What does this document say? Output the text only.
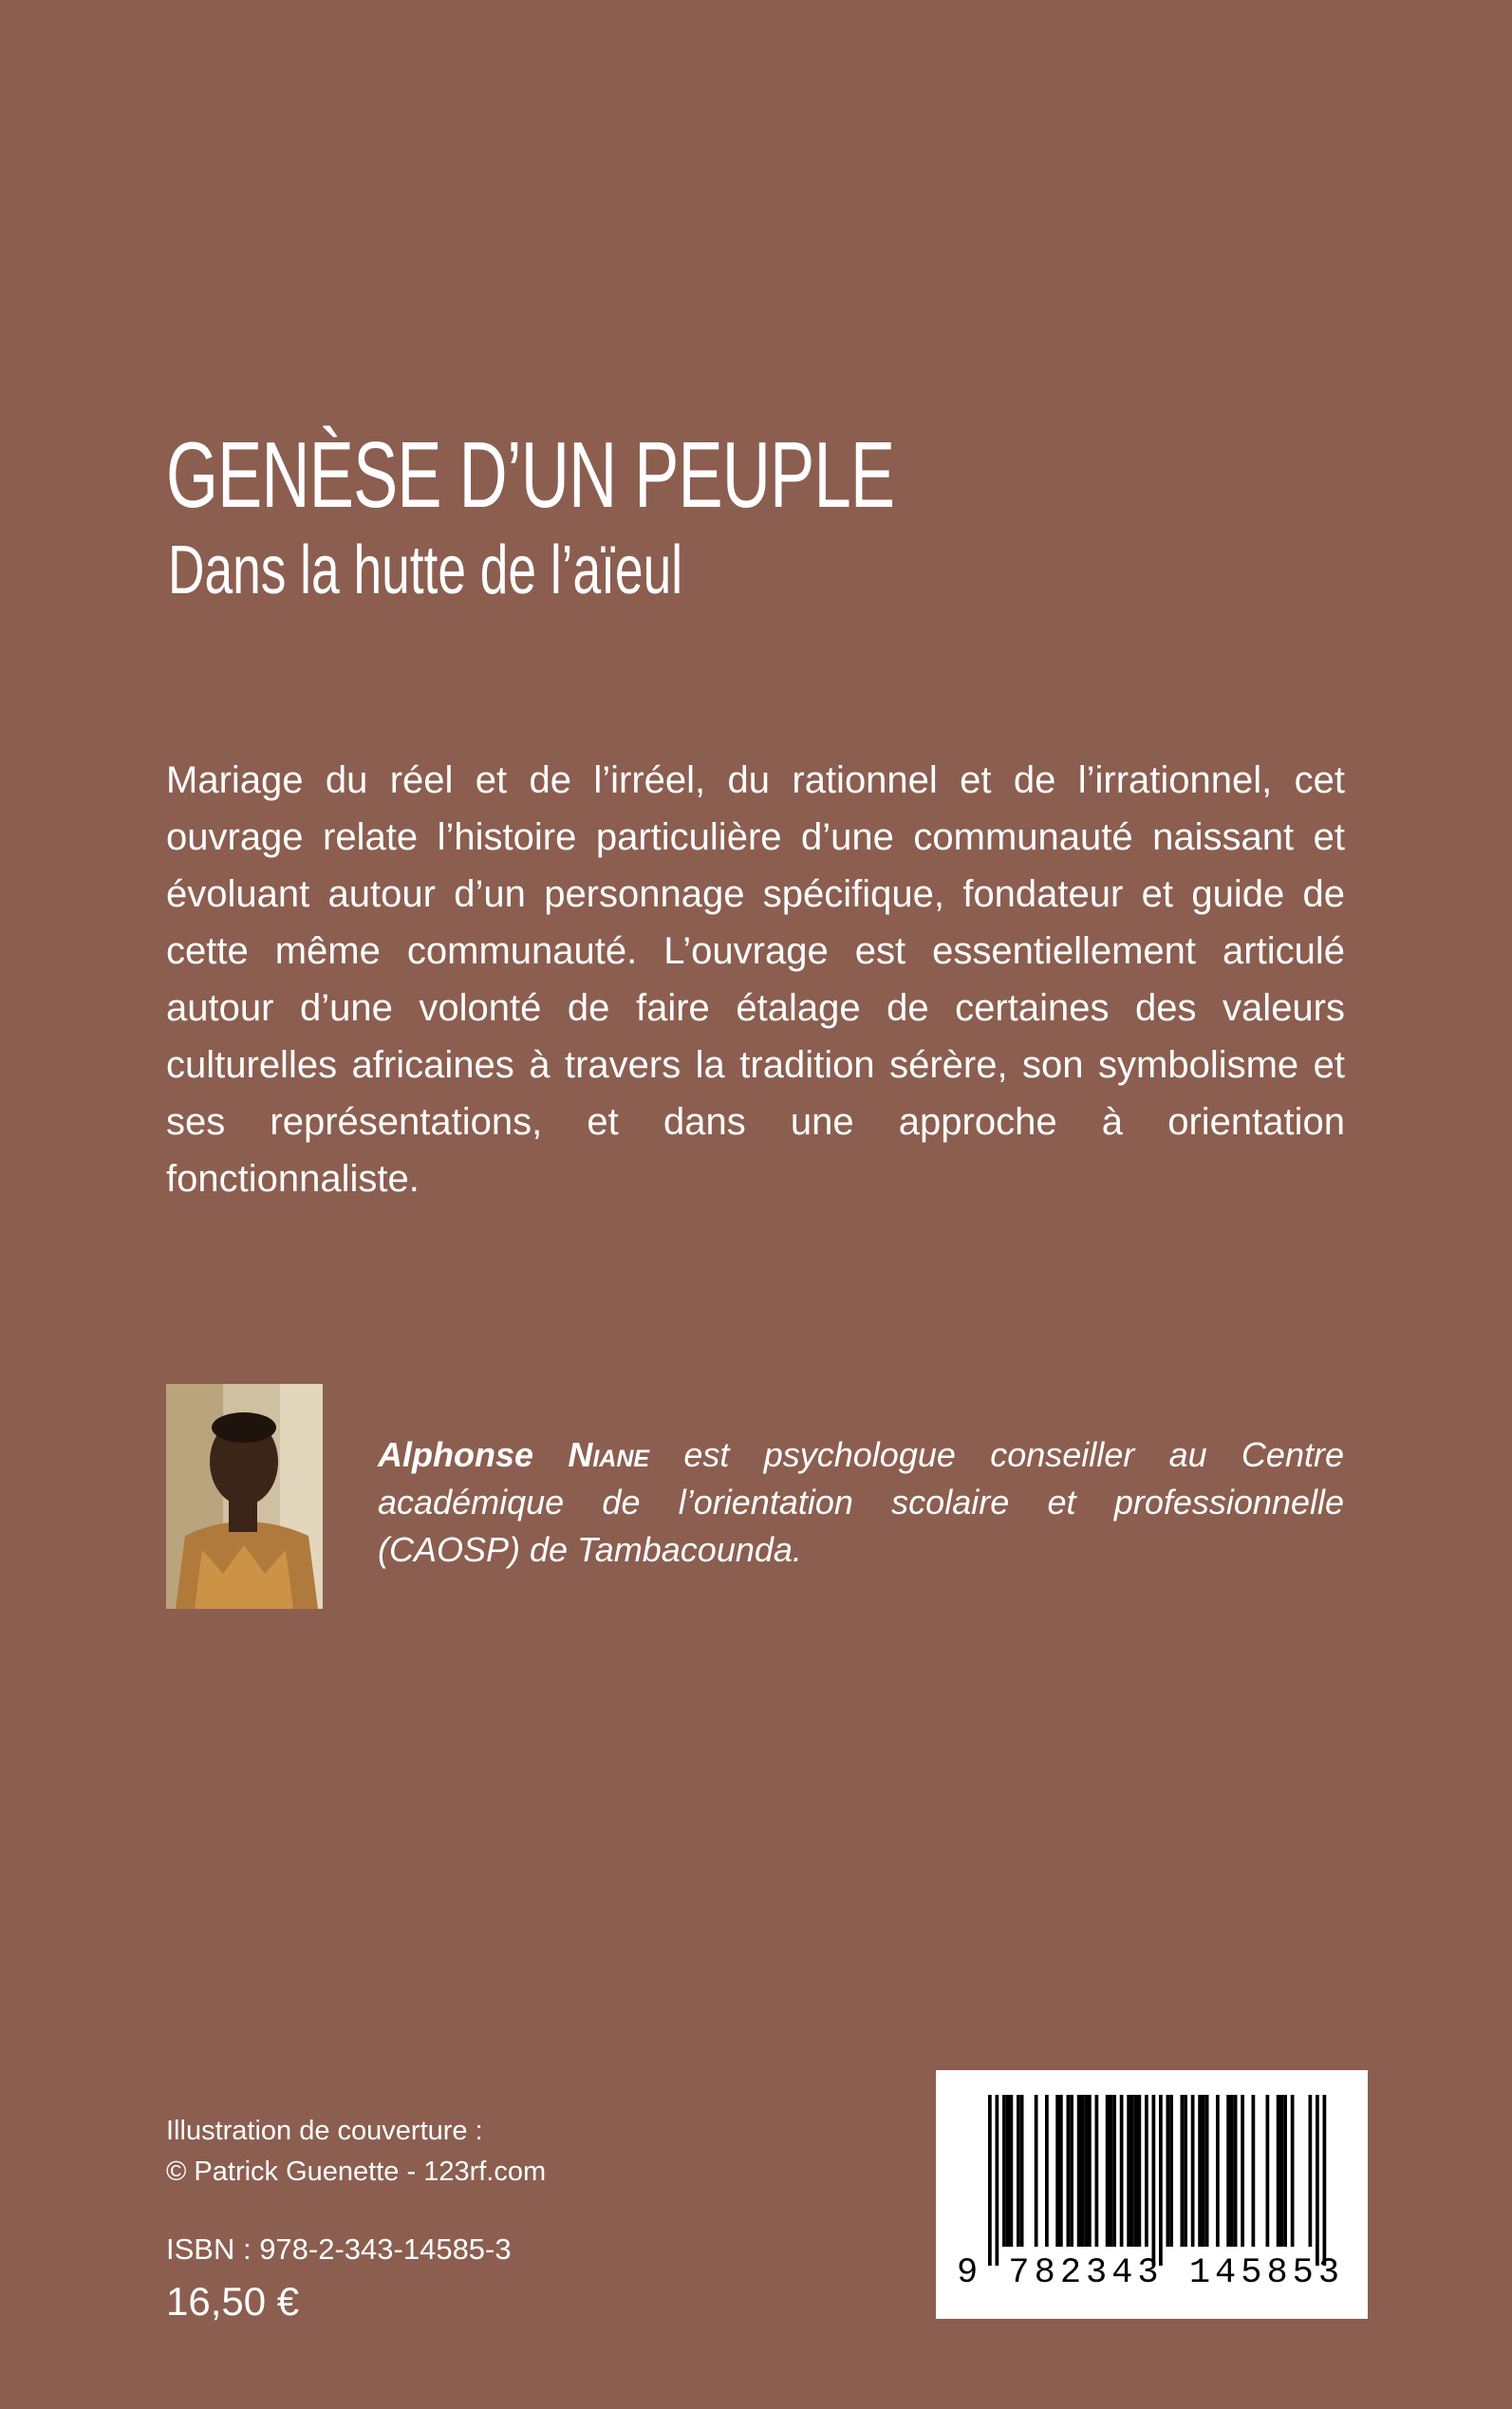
GENÈSE D’UN PEUPLE
Dans la hutte de l’aïeul

Mariage du réel et de l’irréel, du rationnel et de l’irrationnel, cet ouvrage relate l’histoire particulière d’une communauté naissant et évoluant autour d’un personnage spécifique, fondateur et guide de cette même communauté. L’ouvrage est essentiellement articulé autour d’une volonté de faire étalage de certaines des valeurs culturelles africaines à travers la tradition sérère, son symbolisme et ses représentations, et dans une approche à orientation fonctionnaliste.

Alphonse Niane est psychologue conseiller au Centre académique de l’orientation scolaire et professionnelle (CAOSP) de Tambacounda.

Illustration de couverture :
© Patrick Guenette - 123rf.com
ISBN : 978-2-343-14585-3
16,50 €
9 782343 145853
